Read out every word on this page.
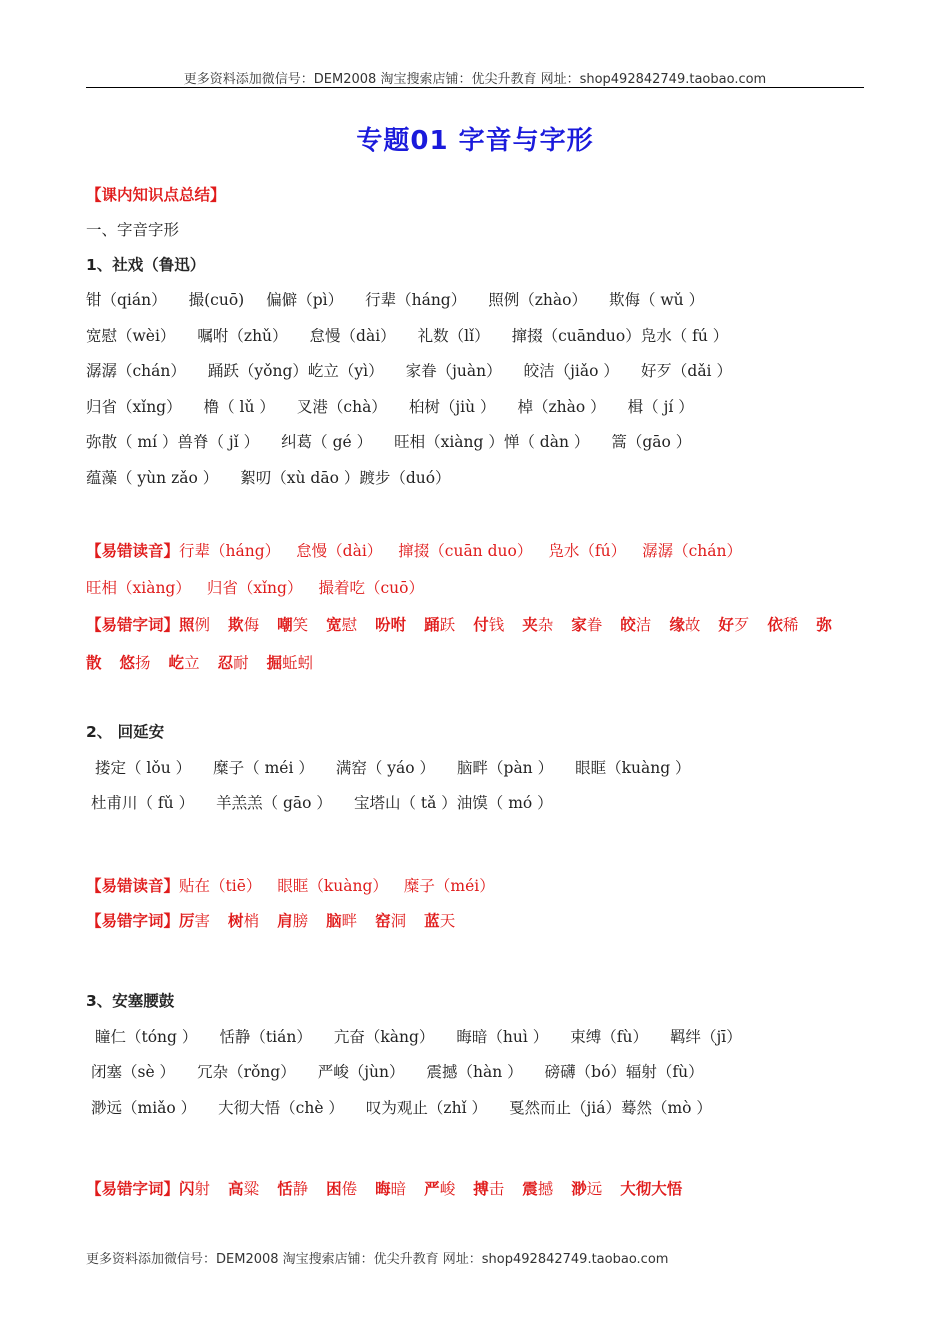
更多资料添加微信号：DEM2008 淘宝搜索店铺：优尖升教育 网址：shop492842749.taobao.com
专题01 字音与字形
【课内知识点总结】
一、字音字形
1、社戏（鲁迅）
钳（qián） 撮(cuō) 偏僻（pì） 行辈（háng） 照例（zhào） 欺侮（ wǔ ）
宽慰（wèi） 嘱咐（zhǔ） 怠慢（dài） 礼数（lǐ） 撺掇（cuānduo）凫水（ fú ）
潺潺（chán） 踊跃（yǒng）屹立（yì） 家眷（juàn） 皎洁（jiǎo ） 好歹（dǎi ）
归省（xǐng） 橹（ lǔ ） 叉港（chà） 桕树（jiù ） 棹（zhào ） 楫（ jí ）
弥散（ mí ）兽脊（ jǐ ） 纠葛（ gé ） 旺相（xiàng ）惮（ dàn ） 篙（gāo ）
蕴藻（ yùn zǎo ） 絮叨（xù dāo ）踱步（duó）
【易错读音】行辈（háng） 怠慢（dài） 撺掇（cuān duo） 凫水（fú） 潺潺（chán）
旺相（xiàng） 归省（xǐng） 撮着吃（cuō）
【易错字词】照例 欺侮 嘲笑 宽慰 吩咐 踊跃 付钱 夹杂 家眷 皎洁 缘故 好歹 依稀 弥
散 悠扬 屹立 忍耐 掘蚯蚓
2、 回延安
搂定（ lǒu ） 糜子（ méi ） 满窑（ yáo ） 脑畔（pàn ） 眼眶（kuàng ）
杜甫川（ fǔ ） 羊羔羔（ gāo ） 宝塔山（ tǎ ）油馍（ mó ）
【易错读音】贴在（tiē） 眼眶（kuàng） 糜子（méi）
【易错字词】厉害 树梢 肩膀 脑畔 窑洞 蓝天
3、安塞腰鼓
瞳仁（tóng ） 恬静（tián） 亢奋（kàng） 晦暗（huì ） 束缚（fù） 羁绊（jī）
闭塞（sè ） 冗杂（rǒng） 严峻（jùn） 震撼（hàn ） 磅礴（bó）辐射（fù）
渺远（miǎo ） 大彻大悟（chè ） 叹为观止（zhǐ ） 戛然而止（jiá）蓦然（mò ）
【易错字词】闪射 高粱 恬静 困倦 晦暗 严峻 搏击 震撼 渺远 大彻大悟
更多资料添加微信号：DEM2008 淘宝搜索店铺：优尖升教育 网址：shop492842749.taobao.com
